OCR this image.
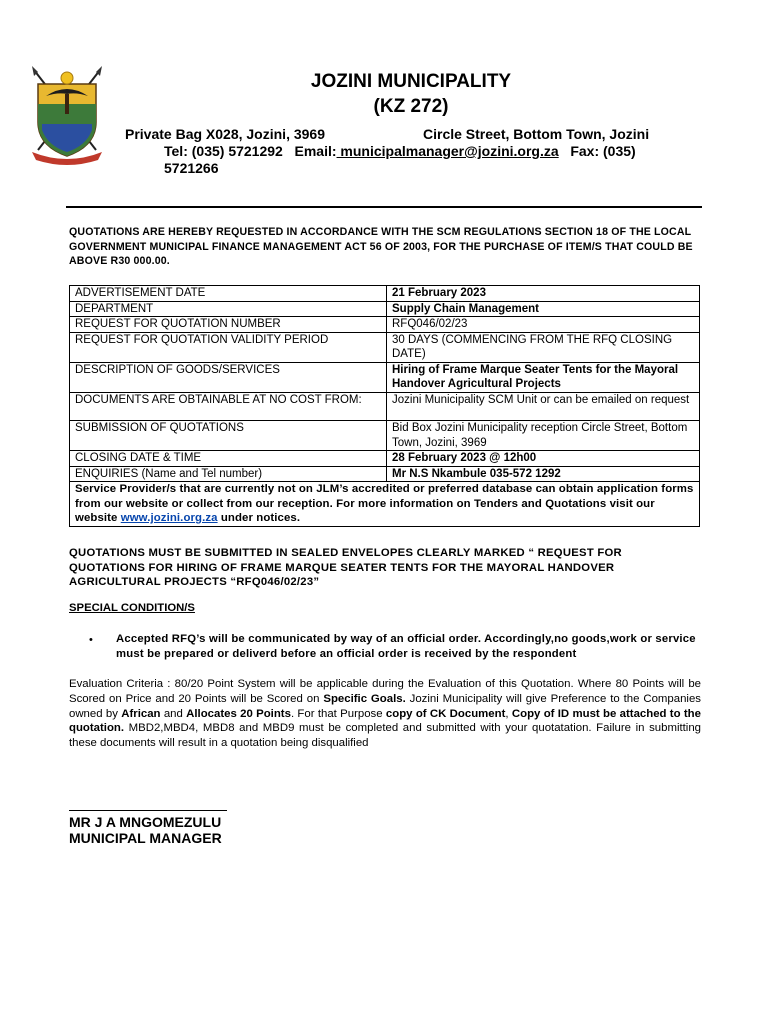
JOZINI MUNICIPALITY

(KZ 272)

Private Bag X028, Jozini, 3969	Circle Street, Bottom Town, Jozini
Tel: (035) 5721292 Email: municipalmanager@jozini.org.za Fax: (035)
5721266

QUOTATIONS ARE HEREBY REQUESTED IN ACCORDANCE WITH THE SCM REGULATIONS SECTION 18 OF THE LOCAL GOVERNMENT MUNICIPAL FINANCE MANAGEMENT ACT 56 OF 2003, FOR THE PURCHASE OF ITEM/S THAT COULD BE ABOVE R30 000.00.

ADVERTISEMENT DATE	21 February 2023
DEPARTMENT	Supply Chain Management
REQUEST FOR QUOTATION NUMBER	RFQ046/02/23
REQUEST FOR QUOTATION VALIDITY PERIOD	30 DAYS (COMMENCING FROM THE RFQ CLOSING DATE)
DESCRIPTION OF GOODS/SERVICES	Hiring of Frame Marque Seater Tents for the Mayoral Handover Agricultural Projects
DOCUMENTS ARE OBTAINABLE AT NO COST FROM:	Jozini Municipality SCM Unit or can be emailed on request
SUBMISSION OF QUOTATIONS	Bid Box Jozini Municipality reception Circle Street, Bottom Town, Jozini, 3969
CLOSING DATE & TIME	28 February 2023 @ 12h00
ENQUIRIES (Name and Tel number)	Mr N.S Nkambule 035-572 1292
Service Provider/s that are currently not on JLM’s accredited or preferred database can obtain application forms from our website or collect from our reception. For more information on Tenders and Quotations visit our website www.jozini.org.za under notices.	

QUOTATIONS MUST BE SUBMITTED IN SEALED ENVELOPES CLEARLY MARKED “ REQUEST FOR QUOTATIONS FOR HIRING OF FRAME MARQUE SEATER TENTS FOR THE MAYORAL HANDOVER AGRICULTURAL PROJECTS “RFQ046/02/23”

SPECIAL CONDITION/S

• Accepted RFQ’s will be communicated by way of an official order. Accordingly,no goods,work or service must be prepared or deliverd before an official order is received by the respondent

Evaluation Criteria : 80/20 Point System will be applicable during the Evaluation of this Quotation. Where 80 Points will be Scored on Price and 20 Points will be Scored on Specific Goals. Jozini Municipality will give Preference to the Companies owned by African and Allocates 20 Points. For that Purpose copy of CK Document, Copy of ID must be attached to the quotation. MBD2,MBD4, MBD8 and MBD9 must be completed and submitted with your quotatation. Failure in submitting these documents will result in a quotation being disqualified

MR J A MNGOMEZULU

MUNICIPAL MANAGER
